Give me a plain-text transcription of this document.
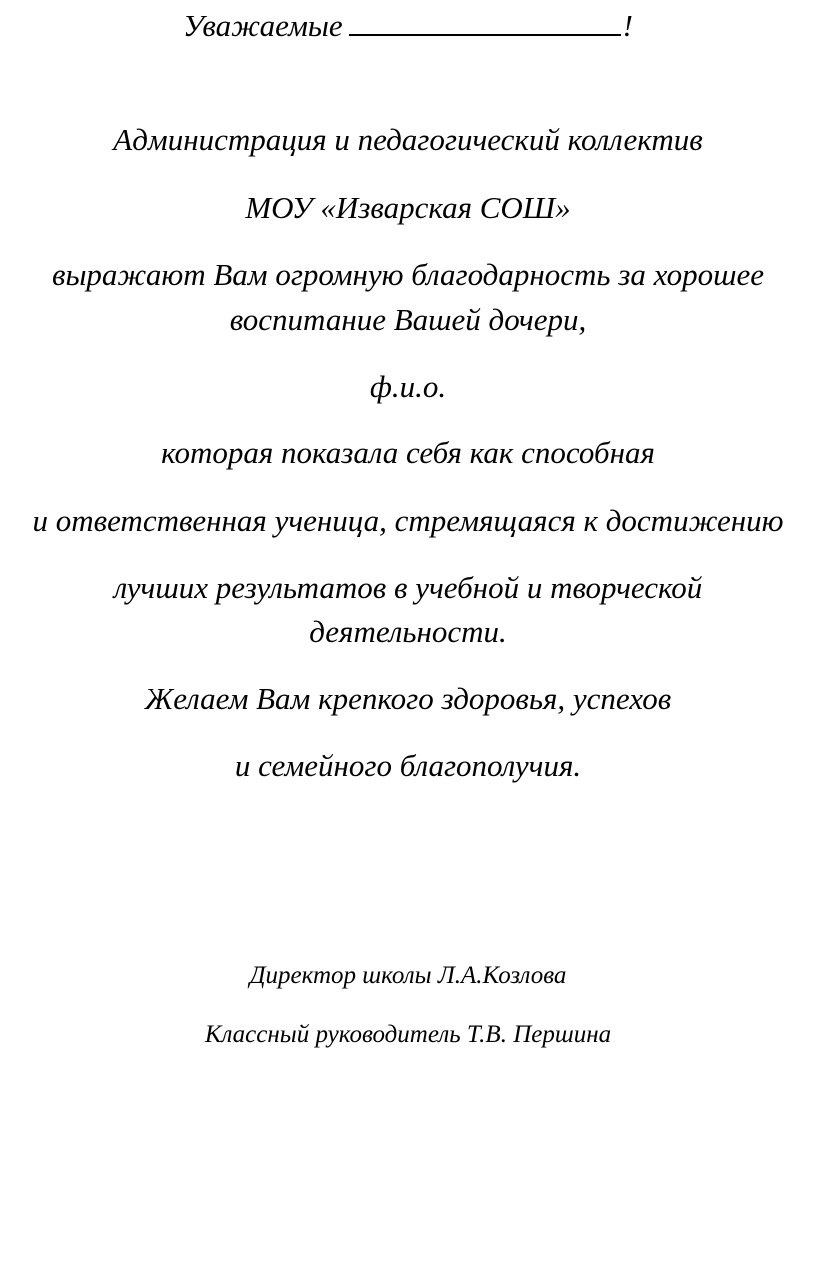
Уважаемые	!
Администрация и педагогический коллектив
МОУ «Изварская СОШ»
выражают Вам огромную благодарность за хорошее
воспитание Вашей дочери,
ф.и.о.
которая показала себя как способная
и ответственная ученица, стремящаяся к достижению
лучших результатов в учебной и творческой
деятельности.
Желаем Вам крепкого здоровья, успехов
и семейного благополучия.
Директор школы Л.А.Козлова
Классный руководитель Т.В. Першина
